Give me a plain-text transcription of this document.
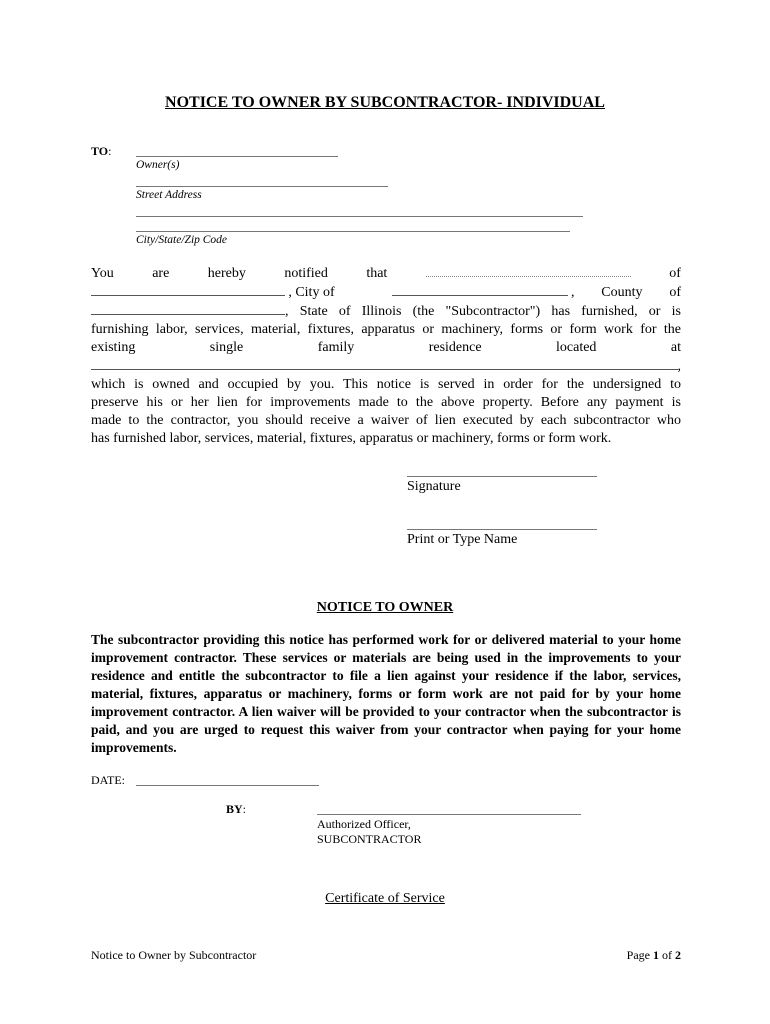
NOTICE TO OWNER BY SUBCONTRACTOR- INDIVIDUAL
TO:
Owner(s)
Street Address
City/State/Zip Code
You	are	hereby	notified	that	of
, City of	, County of
, State of Illinois (the "Subcontractor") has furnished, or is
furnishing labor, services, material, fixtures, apparatus or machinery, forms or form work for the
existing	single	family	residence	located	at
,
which is owned and occupied by you. This notice is served in order for the undersigned to
preserve his or her lien for improvements made to the above property. Before any payment is
made to the contractor, you should receive a waiver of lien executed by each subcontractor who
has furnished labor, services, material, fixtures, apparatus or machinery, forms or form work.
Signature
Print or Type Name
NOTICE TO OWNER
The subcontractor providing this notice has performed work for or delivered material to your home improvement contractor. These services or materials are being used in the improvements to your residence and entitle the subcontractor to file a lien against your residence if the labor, services, material, fixtures, apparatus or machinery, forms or form work are not paid for by your home improvement contractor. A lien waiver will be provided to your contractor when the subcontractor is paid, and you are urged to request this waiver from your contractor when paying for your home improvements.
DATE:
BY:
Authorized Officer,
SUBCONTRACTOR
Certificate of Service
Notice to Owner by Subcontractor	Page 1 of 2
